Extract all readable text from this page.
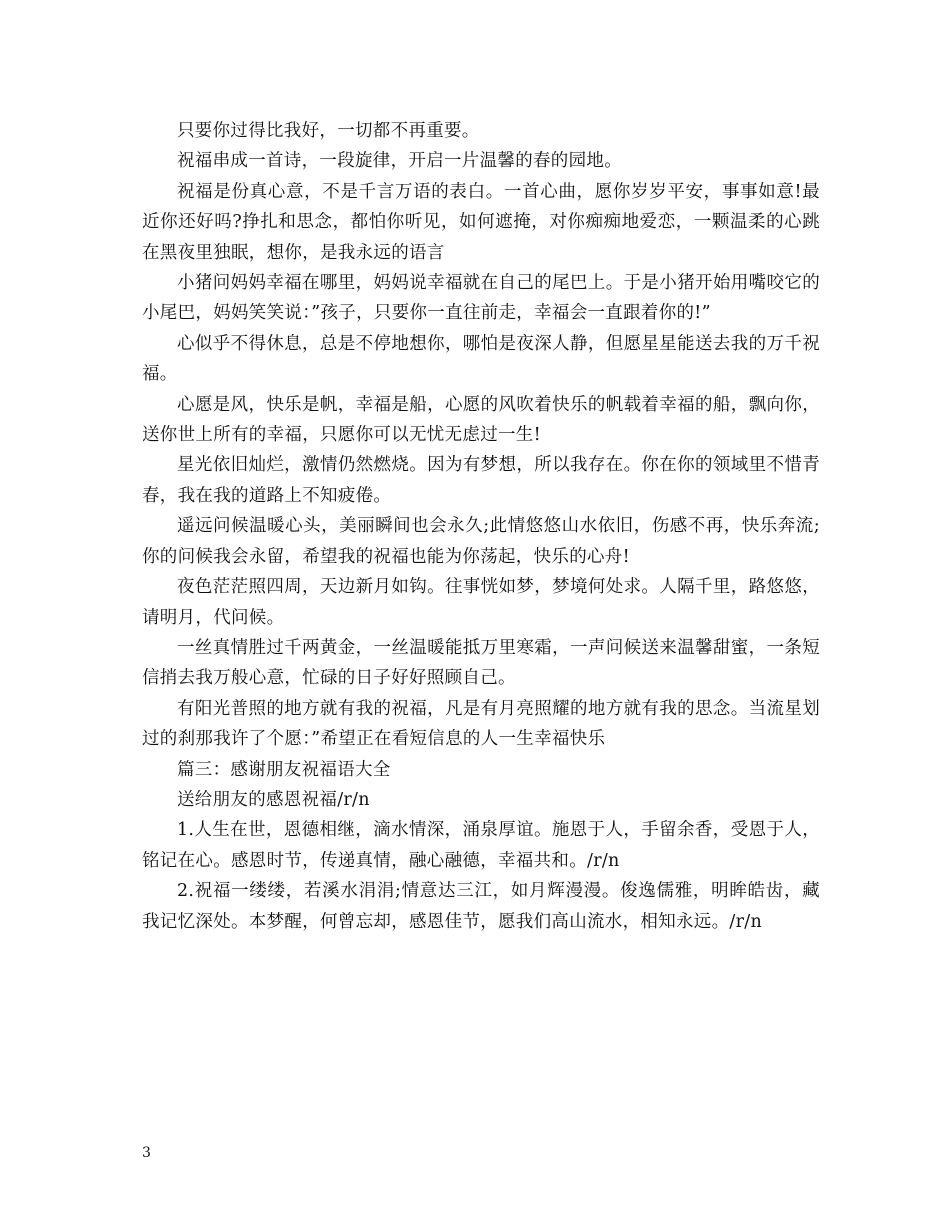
只要你过得比我好，一切都不再重要。

祝福串成一首诗，一段旋律，开启一片温馨的春的园地。

祝福是份真心意，不是千言万语的表白。一首心曲，愿你岁岁平安，事事如意!最近你还好吗?挣扎和思念，都怕你听见，如何遮掩，对你痴痴地爱恋，一颗温柔的心跳在黑夜里独眠，想你，是我永远的语言

小猪问妈妈幸福在哪里，妈妈说幸福就在自己的尾巴上。于是小猪开始用嘴咬它的小尾巴，妈妈笑笑说：”孩子，只要你一直往前走，幸福会一直跟着你的!”

心似乎不得休息，总是不停地想你，哪怕是夜深人静，但愿星星能送去我的万千祝福。

心愿是风，快乐是帆，幸福是船，心愿的风吹着快乐的帆载着幸福的船，飘向你，送你世上所有的幸福，只愿你可以无忧无虑过一生!

星光依旧灿烂，激情仍然燃烧。因为有梦想，所以我存在。你在你的领域里不惜青春，我在我的道路上不知疲倦。

遥远问候温暖心头，美丽瞬间也会永久;此情悠悠山水依旧，伤感不再，快乐奔流;你的问候我会永留，希望我的祝福也能为你荡起，快乐的心舟!

夜色茫茫照四周，天边新月如钩。往事恍如梦，梦境何处求。人隔千里，路悠悠，请明月，代问候。

一丝真情胜过千两黄金，一丝温暖能抵万里寒霜，一声问候送来温馨甜蜜，一条短信捎去我万般心意，忙碌的日子好好照顾自己。

有阳光普照的地方就有我的祝福，凡是有月亮照耀的地方就有我的思念。当流星划过的刹那我许了个愿：”希望正在看短信息的人一生幸福快乐

篇三：感谢朋友祝福语大全

送给朋友的感恩祝福/r/n

1.人生在世，恩德相继，滴水情深，涌泉厚谊。施恩于人，手留余香，受恩于人，铭记在心。感恩时节，传递真情，融心融德，幸福共和。/r/n

2.祝福一缕缕，若溪水涓涓;情意达三江，如月辉漫漫。俊逸儒雅，明眸皓齿，藏我记忆深处。本梦醒，何曾忘却，感恩佳节，愿我们高山流水，相知永远。/r/n

3
